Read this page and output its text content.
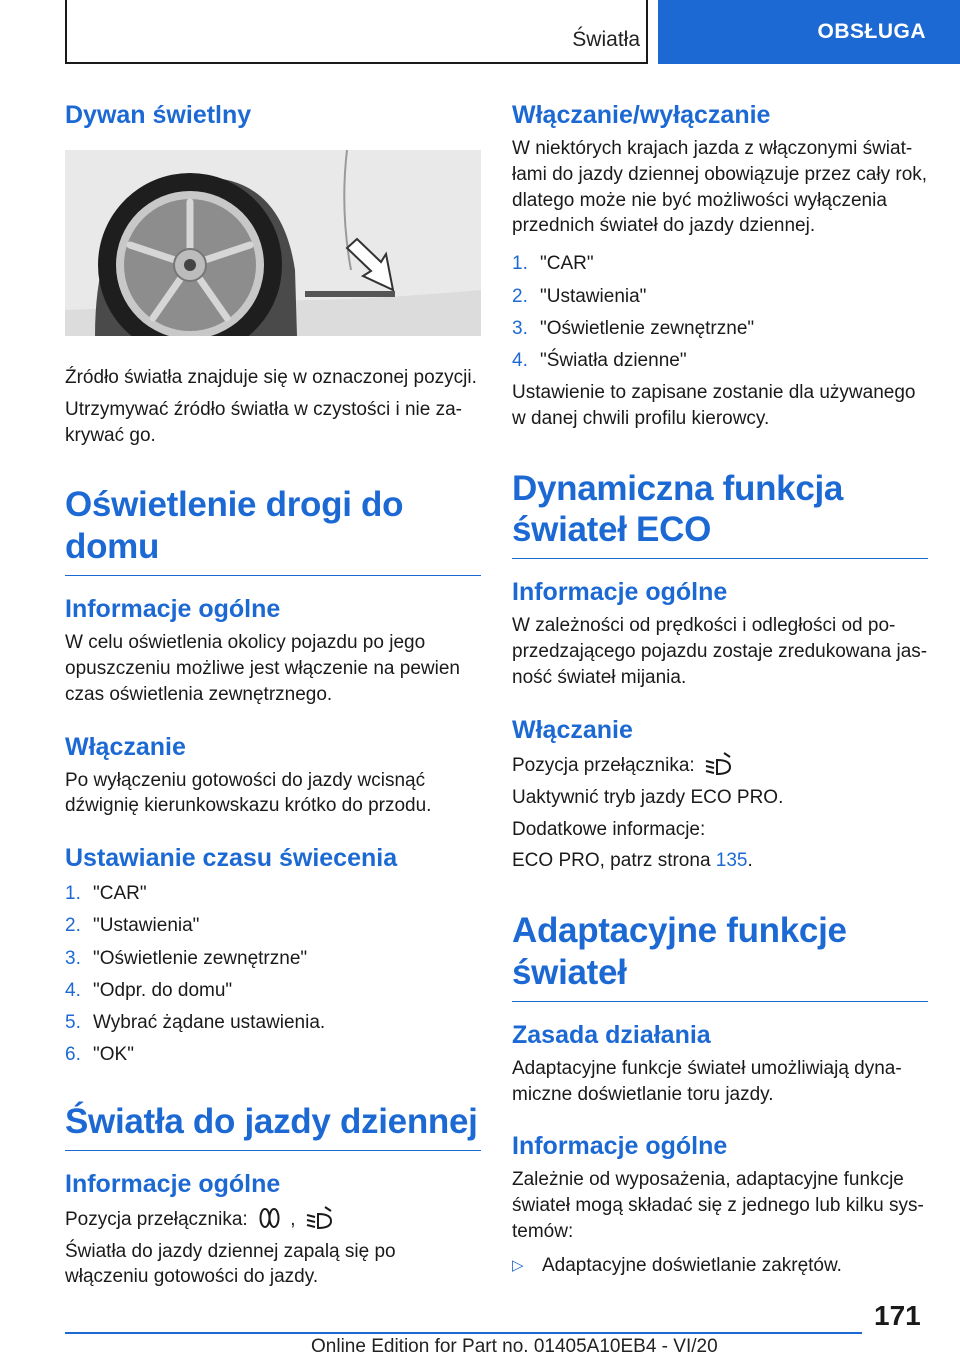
Światła	OBSŁUGA
Dywan świetlny

Źródło światła znajduje się w oznaczonej pozycji.

Utrzymywać źródło światła w czystości i nie za-krywać go.

Oświetlenie drogi do domu
Informacje ogólne

W celu oświetlenia okolicy pojazdu po jego opuszczeniu możliwe jest włączenie na pewien czas oświetlenia zewnętrznego.

Włączanie

Po wyłączeniu gotowości do jazdy wcisnąć dźwignię kierunkowskazu krótko do przodu.

Ustawianie czasu świecenia
1. "CAR"
2. "Ustawienia"
3. "Oświetlenie zewnętrzne"
4. "Odpr. do domu"
5. Wybrać żądane ustawienia.
6. "OK"
Światła do jazdy dziennej
Informacje ogólne

Pozycja przełącznika: ,

Światła do jazdy dziennej zapalą się po włączeniu gotowości do jazdy.

Włączanie/wyłączanie

W niektórych krajach jazda z włączonymi świat-łami do jazdy dziennej obowiązuje przez cały rok, dlatego może nie być możliwości wyłączenia przednich świateł do jazdy dziennej.

1. "CAR"
2. "Ustawienia"
3. "Oświetlenie zewnętrzne"
4. "Światła dzienne"

Ustawienie to zapisane zostanie dla używanego w danej chwili profilu kierowcy.

Dynamiczna funkcja świateł ECO
Informacje ogólne

W zależności od prędkości i odległości od po-przedzającego pojazdu zostaje zredukowana jas-ność świateł mijania.

Włączanie

Pozycja przełącznika:

Uaktywnić tryb jazdy ECO PRO.

Dodatkowe informacje:

ECO PRO, patrz strona 135.

Adaptacyjne funkcje świateł
Zasada działania

Adaptacyjne funkcje świateł umożliwiają dyna-miczne doświetlanie toru jazdy.

Informacje ogólne

Zależnie od wyposażenia, adaptacyjne funkcje świateł mogą składać się z jednego lub kilku sys-temów:

▷ Adaptacyjne doświetlanie zakrętów.
171
Online Edition for Part no. 01405A10EB4 - VI/20
